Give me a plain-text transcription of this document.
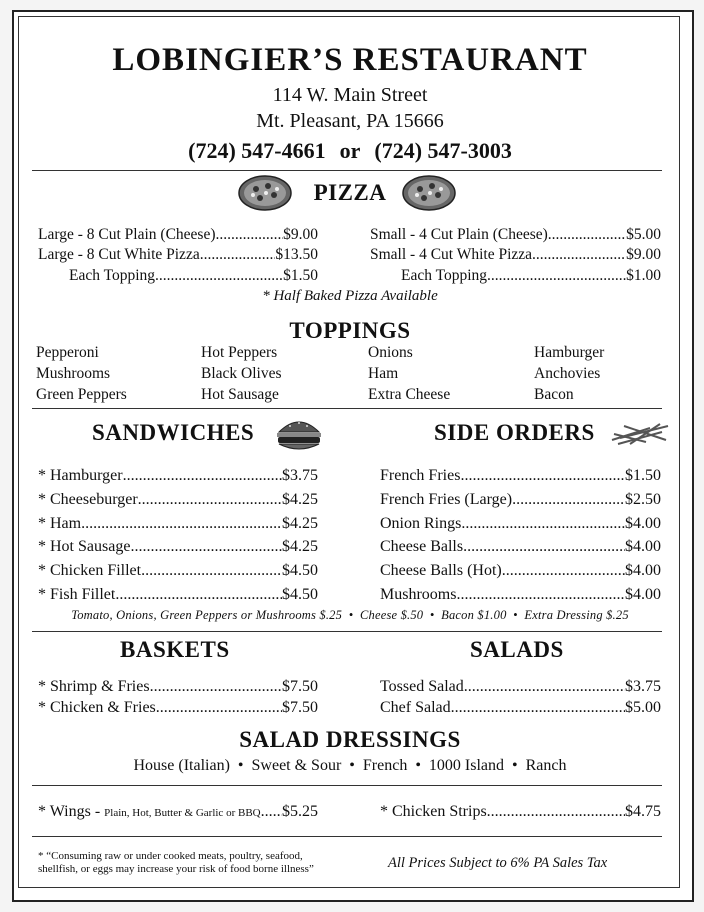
LOBINGIER’S RESTAURANT
114 W. Main Street
Mt. Pleasant, PA 15666
(724) 547-4661 or (724) 547-3003
PIZZA
Large - 8 Cut Plain (Cheese) .....	$9.00
Large - 8 Cut White Pizza .....	$13.50
Each Topping .....	$1.50
Small - 4 Cut Plain (Cheese) .....	$5.00
Small - 4 Cut White Pizza .....	$9.00
Each Topping .....	$1.00
* Half Baked Pizza Available
TOPPINGS
Pepperoni	Hot Peppers	Onions	Hamburger
Mushrooms	Black Olives	Ham	Anchovies
Green Peppers	Hot Sausage	Extra Cheese	Bacon
SANDWICHES	SIDE ORDERS
* Hamburger .....	$3.75
* Cheeseburger .....	$4.25
* Ham .....	$4.25
* Hot Sausage .....	$4.25
* Chicken Fillet .....	$4.50
* Fish Fillet .....	$4.50
French Fries .....	$1.50
French Fries (Large) .....	$2.50
Onion Rings .....	$4.00
Cheese Balls .....	$4.00
Cheese Balls (Hot) .....	$4.00
Mushrooms .....	$4.00
Tomato, Onions, Green Peppers or Mushrooms $.25  •  Cheese $.50  •  Bacon $1.00  •  Extra Dressing $.25
BASKETS	SALADS
* Shrimp & Fries .....	$7.50
* Chicken & Fries .....	$7.50
Tossed Salad .....	$3.75
Chef Salad .....	$5.00
SALAD DRESSINGS
House (Italian)  •  Sweet & Sour  •  French  •  1000 Island  •  Ranch
* Wings - Plain, Hot, Butter & Garlic or BBQ ..... $5.25	* Chicken Strips .....	$4.75
* “Consuming raw or under cooked meats, poultry, seafood,
shellfish, or eggs may increase your risk of food borne illness”	All Prices Subject to 6% PA Sales Tax
